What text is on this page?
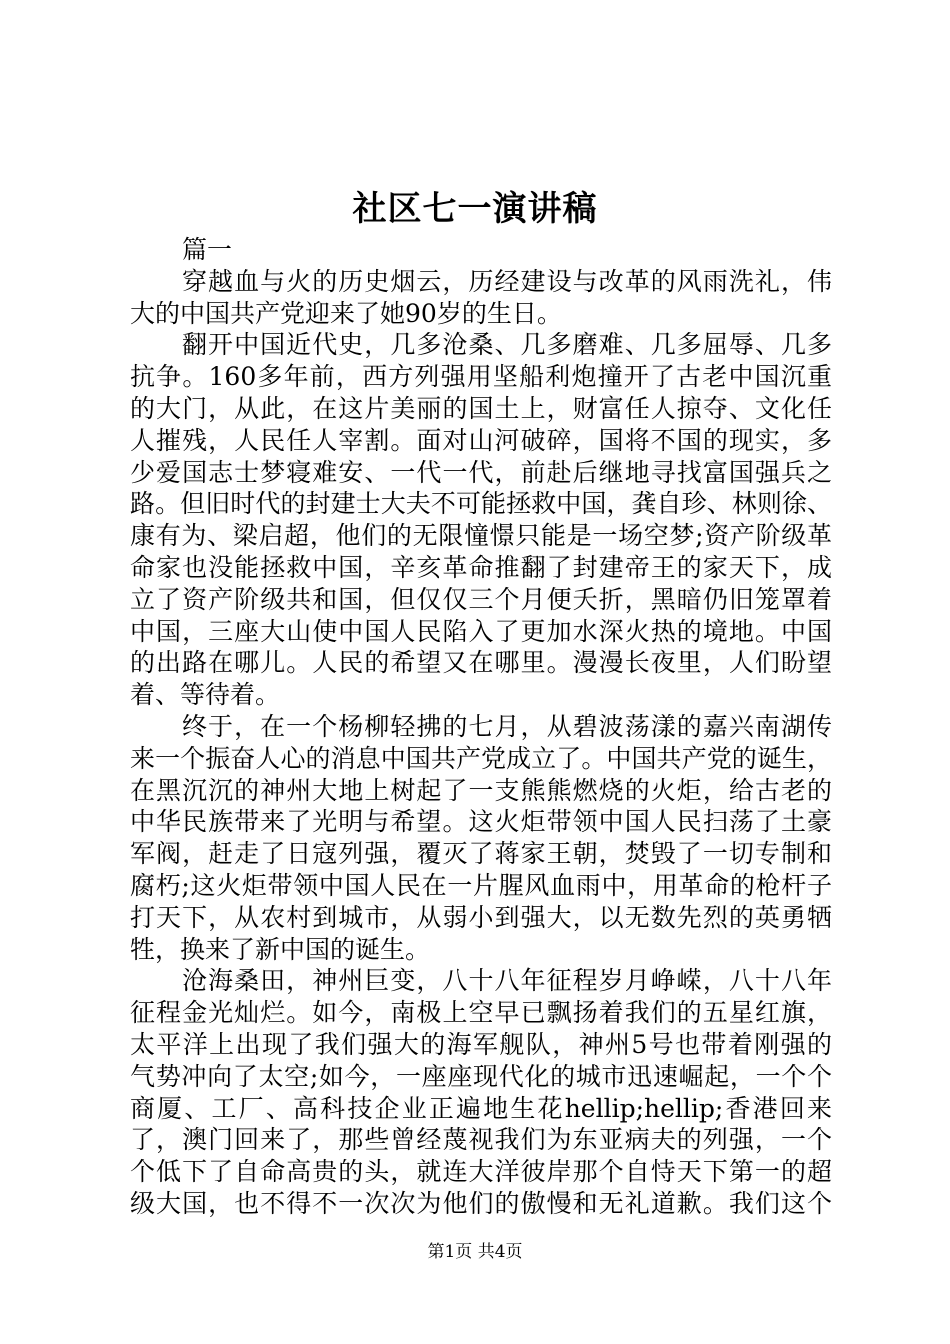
社区七一演讲稿
篇一
穿越血与火的历史烟云，历经建设与改革的风雨洗礼，伟
大的中国共产党迎来了她90岁的生日。
翻开中国近代史，几多沧桑、几多磨难、几多屈辱、几多
抗争。160多年前，西方列强用坚船利炮撞开了古老中国沉重
的大门，从此，在这片美丽的国土上，财富任人掠夺、文化任
人摧残，人民任人宰割。面对山河破碎，国将不国的现实，多
少爱国志士梦寝难安、一代一代，前赴后继地寻找富国强兵之
路。但旧时代的封建士大夫不可能拯救中国，龚自珍、林则徐、
康有为、梁启超，他们的无限憧憬只能是一场空梦;资产阶级革
命家也没能拯救中国，辛亥革命推翻了封建帝王的家天下，成
立了资产阶级共和国，但仅仅三个月便夭折，黑暗仍旧笼罩着
中国，三座大山使中国人民陷入了更加水深火热的境地。中国
的出路在哪儿。人民的希望又在哪里。漫漫长夜里，人们盼望
着、等待着。
终于，在一个杨柳轻拂的七月，从碧波荡漾的嘉兴南湖传
来一个振奋人心的消息中国共产党成立了。中国共产党的诞生，
在黑沉沉的神州大地上树起了一支熊熊燃烧的火炬，给古老的
中华民族带来了光明与希望。这火炬带领中国人民扫荡了土豪
军阀，赶走了日寇列强，覆灭了蒋家王朝，焚毁了一切专制和
腐朽;这火炬带领中国人民在一片腥风血雨中，用革命的枪杆子
打天下，从农村到城市，从弱小到强大，以无数先烈的英勇牺
牲，换来了新中国的诞生。
沧海桑田，神州巨变，八十八年征程岁月峥嵘，八十八年
征程金光灿烂。如今，南极上空早已飘扬着我们的五星红旗，
太平洋上出现了我们强大的海军舰队，神州5号也带着刚强的
气势冲向了太空;如今，一座座现代化的城市迅速崛起，一个个
商厦、工厂、高科技企业正遍地生花hellip;hellip;香港回来
了，澳门回来了，那些曾经蔑视我们为东亚病夫的列强，一个
个低下了自命高贵的头，就连大洋彼岸那个自恃天下第一的超
级大国，也不得不一次次为他们的傲慢和无礼道歉。我们这个
第1页 共4页
